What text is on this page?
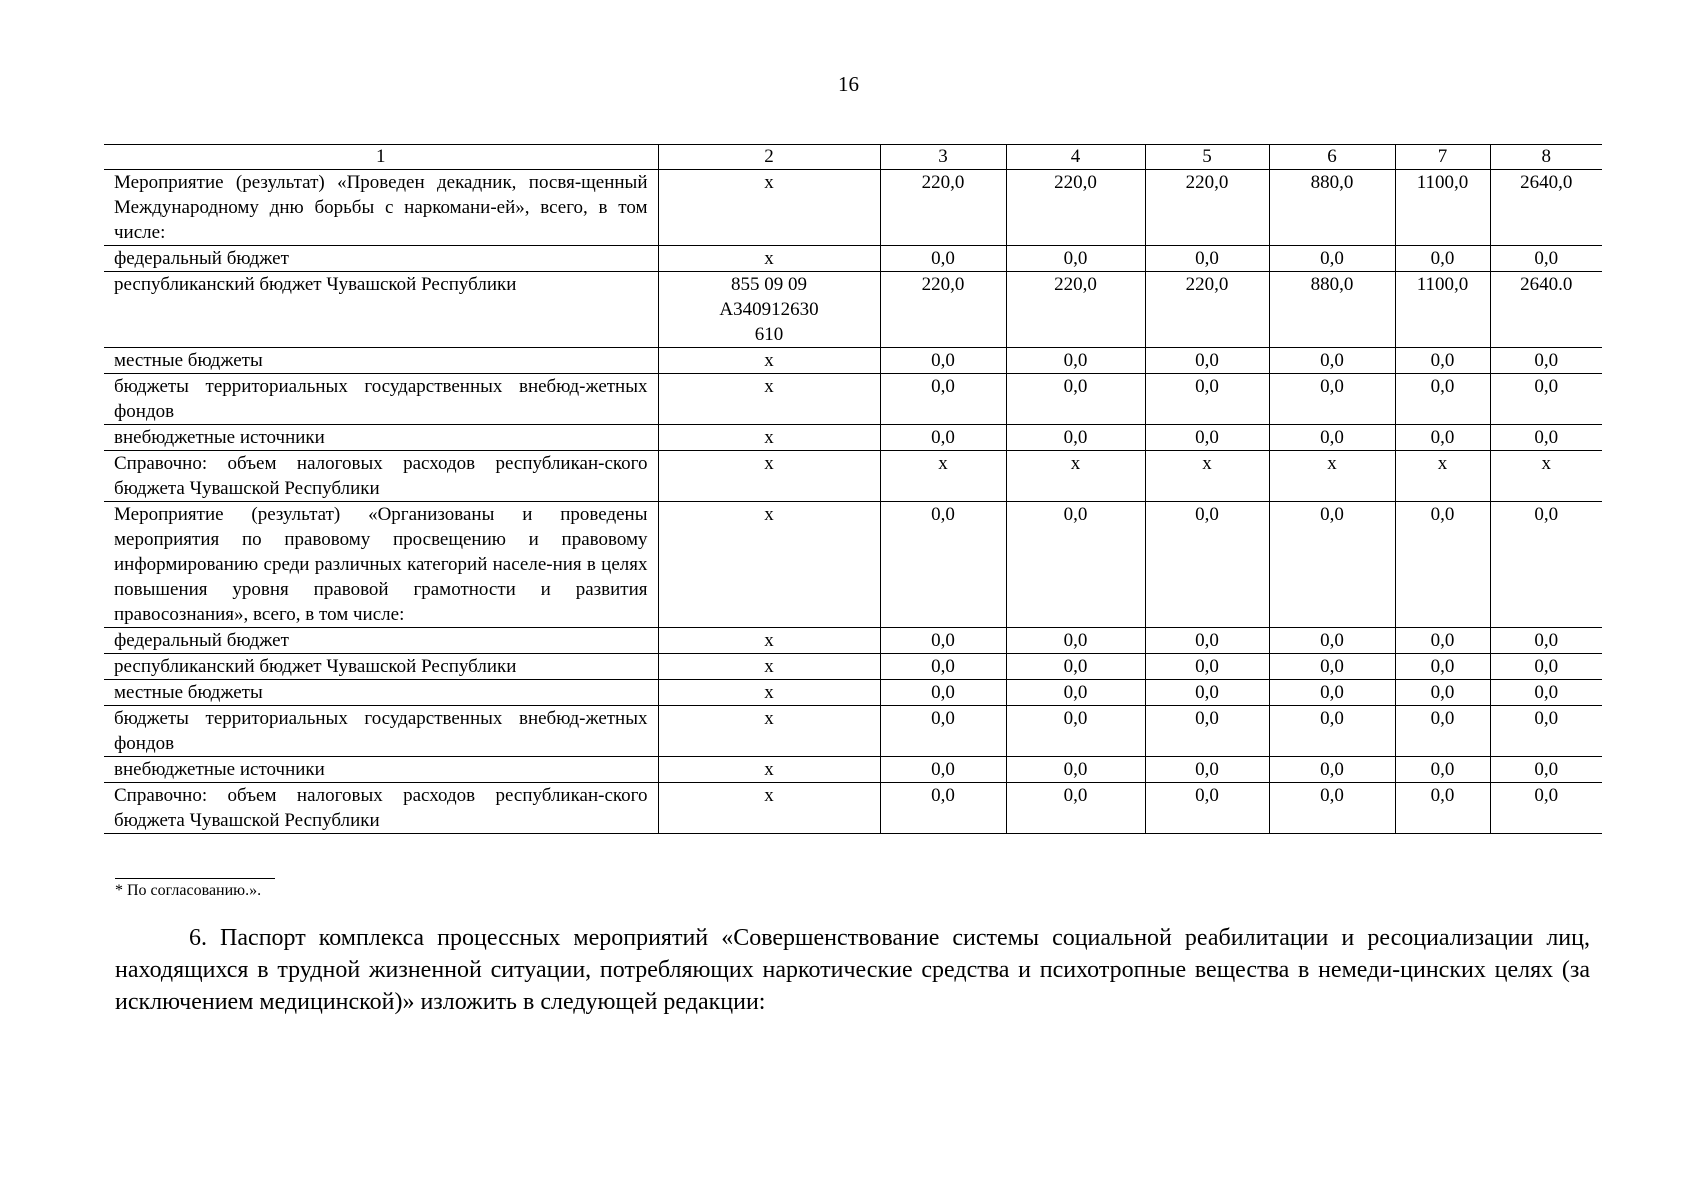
16
1	2	3	4	5	6	7	8
Мероприятие (результат) «Проведен декадник, посвя-щенный Международному дню борьбы с наркомани-ей», всего, в том числе:	х	220,0	220,0	220,0	880,0	1100,0	2640,0
федеральный бюджет	х	0,0	0,0	0,0	0,0	0,0	0,0
республиканский бюджет Чувашской Республики	855 09 09
А340912630
610	220,0	220,0	220,0	880,0	1100,0	2640.0
местные бюджеты	х	0,0	0,0	0,0	0,0	0,0	0,0
бюджеты территориальных государственных внебюд-жетных фондов	х	0,0	0,0	0,0	0,0	0,0	0,0
внебюджетные источники	х	0,0	0,0	0,0	0,0	0,0	0,0
Справочно: объем налоговых расходов республикан-ского бюджета Чувашской Республики	х	х	х	х	х	х	х
Мероприятие (результат) «Организованы и проведены мероприятия по правовому просвещению и правовому информированию среди различных категорий населе-ния в целях повышения уровня правовой грамотности и развития правосознания», всего, в том числе:	х	0,0	0,0	0,0	0,0	0,0	0,0
федеральный бюджет	х	0,0	0,0	0,0	0,0	0,0	0,0
республиканский бюджет Чувашской Республики	х	0,0	0,0	0,0	0,0	0,0	0,0
местные бюджеты	х	0,0	0,0	0,0	0,0	0,0	0,0
бюджеты территориальных государственных внебюд-жетных фондов	х	0,0	0,0	0,0	0,0	0,0	0,0
внебюджетные источники	х	0,0	0,0	0,0	0,0	0,0	0,0
Справочно: объем налоговых расходов республикан-ского бюджета Чувашской Республики	х	0,0	0,0	0,0	0,0	0,0	0,0
* По согласованию.».
6. Паспорт комплекса процессных мероприятий «Совершенствование системы социальной реабилитации и ресоциализации лиц, находящихся в трудной жизненной ситуации, потребляющих наркотические средства и психотропные вещества в немеди-цинских целях (за исключением медицинской)» изложить в следующей редакции:
